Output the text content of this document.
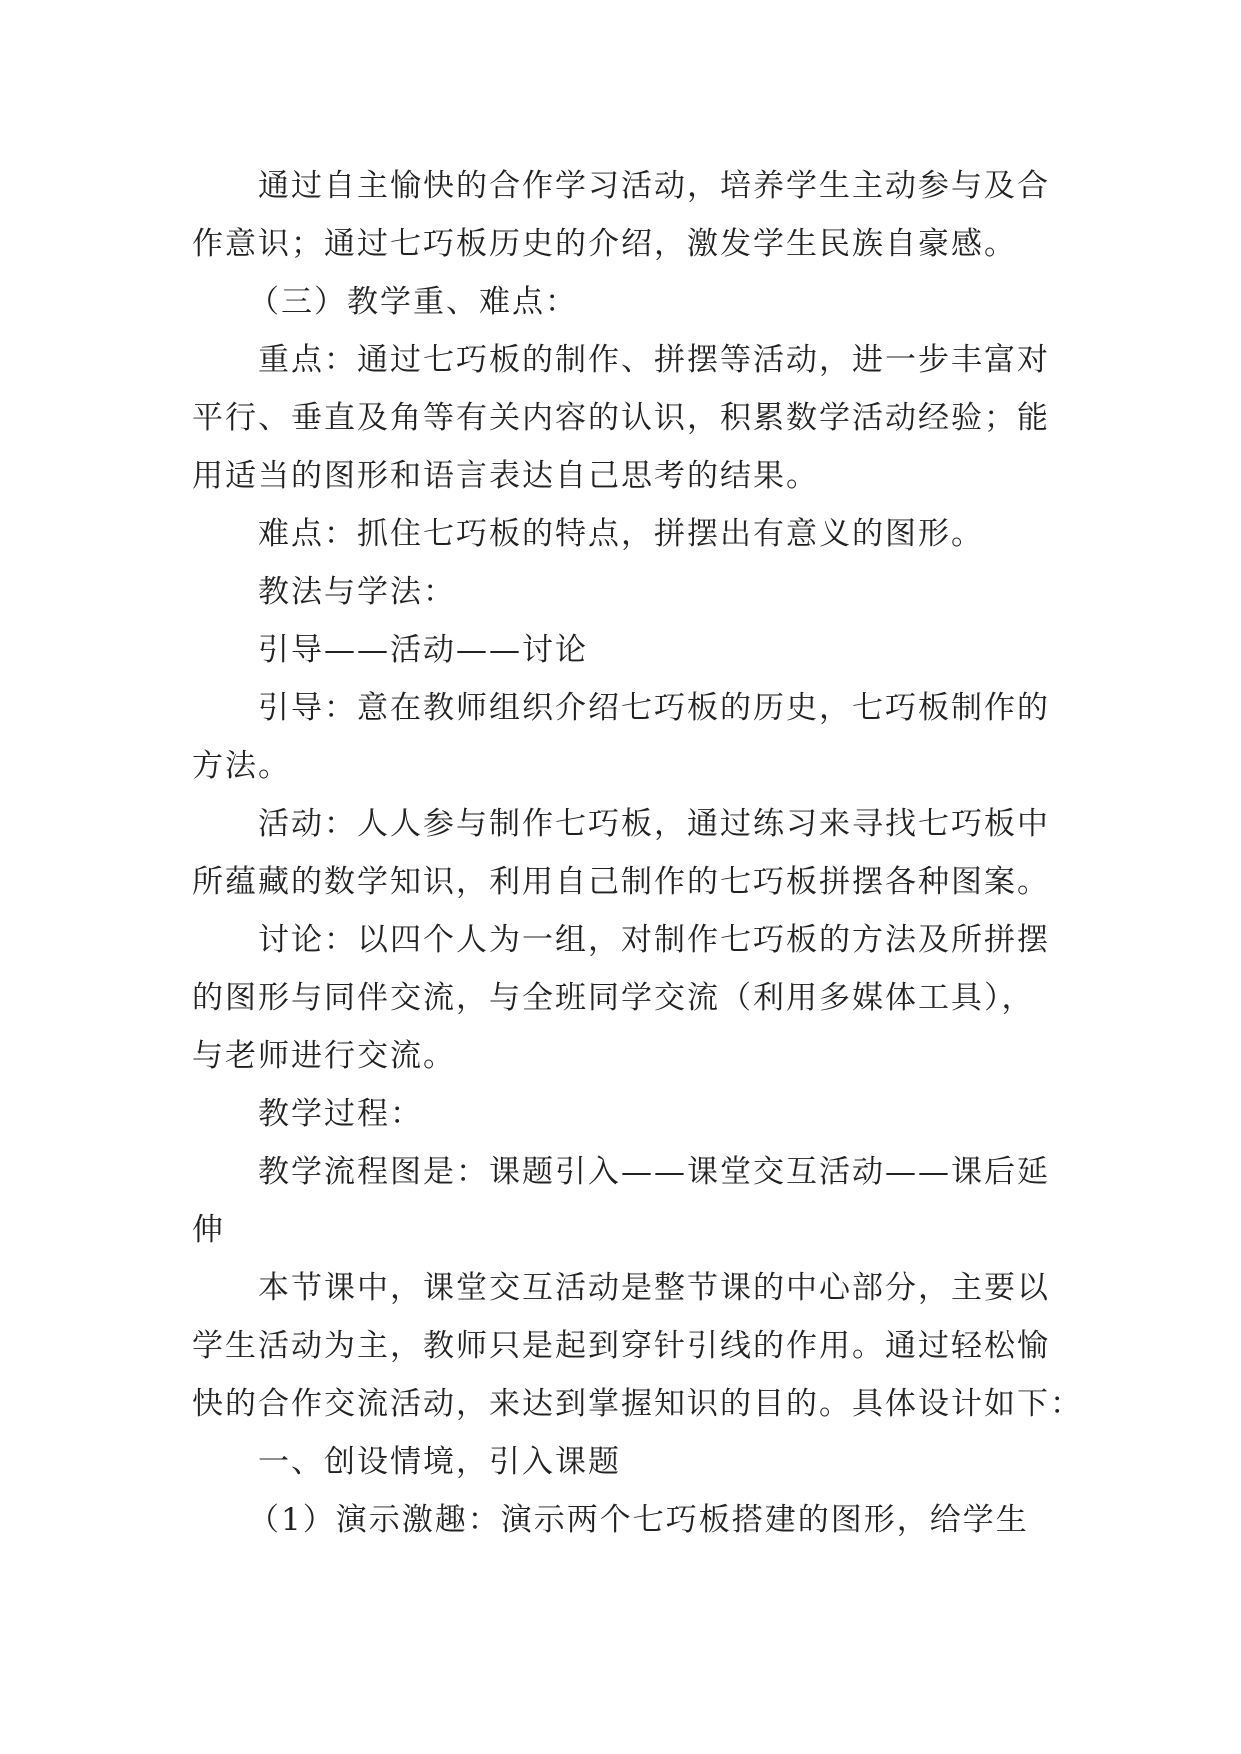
通过自主愉快的合作学习活动，培养学生主动参与及合
作意识；通过七巧板历史的介绍，激发学生民族自豪感。
（三）教学重、难点：
重点：通过七巧板的制作、拼摆等活动，进一步丰富对
平行、垂直及角等有关内容的认识，积累数学活动经验；能
用适当的图形和语言表达自己思考的结果。
难点：抓住七巧板的特点，拼摆出有意义的图形。
教法与学法：
引导——活动——讨论
引导：意在教师组织介绍七巧板的历史，七巧板制作的
方法。
活动：人人参与制作七巧板，通过练习来寻找七巧板中
所蕴藏的数学知识，利用自己制作的七巧板拼摆各种图案。
讨论：以四个人为一组，对制作七巧板的方法及所拼摆
的图形与同伴交流，与全班同学交流（利用多媒体工具），
与老师进行交流。
教学过程：
教学流程图是：课题引入——课堂交互活动——课后延
伸
本节课中，课堂交互活动是整节课的中心部分，主要以
学生活动为主，教师只是起到穿针引线的作用。通过轻松愉
快的合作交流活动，来达到掌握知识的目的。具体设计如下：
一、创设情境，引入课题
（1）演示激趣：演示两个七巧板搭建的图形，给学生
